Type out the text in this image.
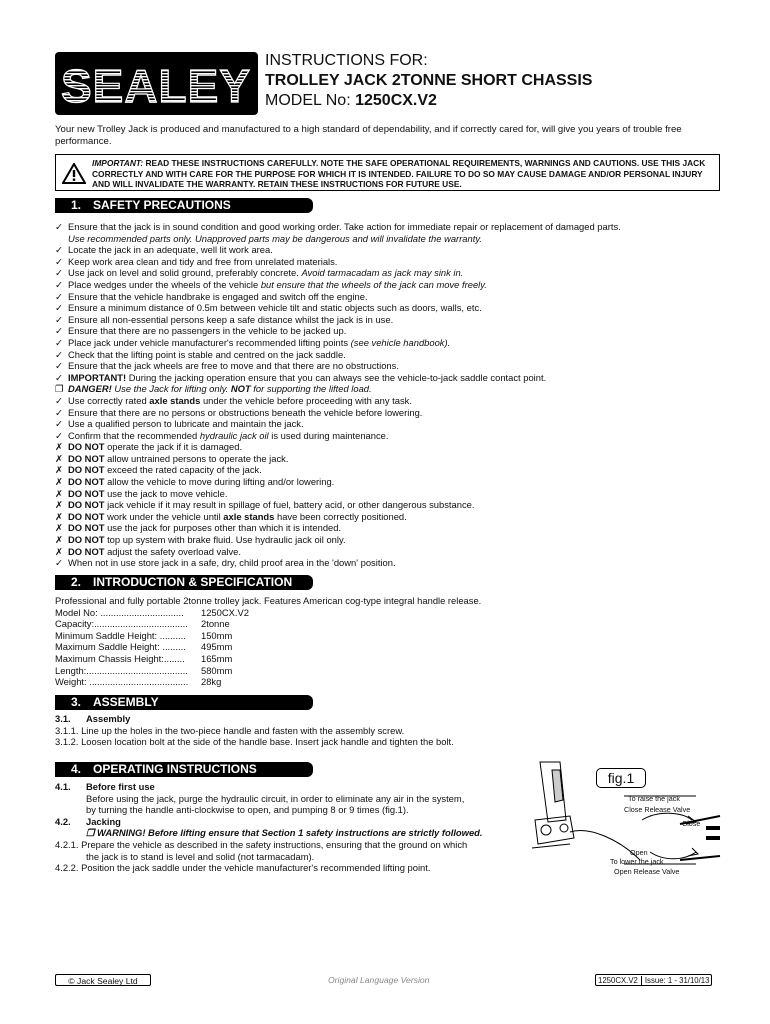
SEALEY INSTRUCTIONS FOR:
TROLLEY JACK 2TONNE SHORT CHASSIS
MODEL No: 1250CX.V2
Your new Trolley Jack is produced and manufactured to a high standard of dependability, and if correctly cared for, will give you years of trouble free performance.
IMPORTANT: READ THESE INSTRUCTIONS CAREFULLY. NOTE THE SAFE OPERATIONAL REQUIREMENTS, WARNINGS AND CAUTIONS. USE THIS JACK CORRECTLY AND WITH CARE FOR THE PURPOSE FOR WHICH IT IS INTENDED. FAILURE TO DO SO MAY CAUSE DAMAGE AND/OR PERSONAL INJURY AND WILL INVALIDATE THE WARRANTY. RETAIN THESE INSTRUCTIONS FOR FUTURE USE.
1. SAFETY PRECAUTIONS
✓ Ensure that the jack is in sound condition and good working order. Take action for immediate repair or replacement of damaged parts.
Use recommended parts only. Unapproved parts may be dangerous and will invalidate the warranty.
✓ Locate the jack in an adequate, well lit work area.
✓ Keep work area clean and tidy and free from unrelated materials.
✓ Use jack on level and solid ground, preferably concrete. Avoid tarmacadam as jack may sink in.
✓ Place wedges under the wheels of the vehicle but ensure that the wheels of the jack can move freely.
✓ Ensure that the vehicle handbrake is engaged and switch off the engine.
✓ Ensure a minimum distance of 0.5m between vehicle tilt and static objects such as doors, walls, etc.
✓ Ensure all non-essential persons keep a safe distance whilst the jack is in use.
✓ Ensure that there are no passengers in the vehicle to be jacked up.
✓ Place jack under vehicle manufacturer's recommended lifting points (see vehicle handbook).
✓ Check that the lifting point is stable and centred on the jack saddle.
✓ Ensure that the jack wheels are free to move and that there are no obstructions.
✓ IMPORTANT! During the jacking operation ensure that you can always see the vehicle-to-jack saddle contact point.
❐ DANGER! Use the Jack for lifting only. NOT for supporting the lifted load.
✓ Use correctly rated axle stands under the vehicle before proceeding with any task.
✓ Ensure that there are no persons or obstructions beneath the vehicle before lowering.
✓ Use a qualified person to lubricate and maintain the jack.
✓ Confirm that the recommended hydraulic jack oil is used during maintenance.
✗ DO NOT operate the jack if it is damaged.
✗ DO NOT allow untrained persons to operate the jack.
✗ DO NOT exceed the rated capacity of the jack.
✗ DO NOT allow the vehicle to move during lifting and/or lowering.
✗ DO NOT use the jack to move vehicle.
✗ DO NOT jack vehicle if it may result in spillage of fuel, battery acid, or other dangerous substance.
✗ DO NOT work under the vehicle until axle stands have been correctly positioned.
✗ DO NOT use the jack for purposes other than which it is intended.
✗ DO NOT top up system with brake fluid. Use hydraulic jack oil only.
✗ DO NOT adjust the safety overload valve.
✓ When not in use store jack in a safe, dry, child proof area in the 'down' position.
2. INTRODUCTION & SPECIFICATION
Professional and fully portable 2tonne trolley jack. Features American cog-type integral handle release.
Model No: ................................ 1250CX.V2
Capacity:.................................... 2tonne
Minimum Saddle Height: .......... 150mm
Maximum Saddle Height: ......... 495mm
Maximum Chassis Height:........ 165mm
Length:....................................... 580mm
Weight: ...................................... 28kg
3. ASSEMBLY
3.1. Assembly
3.1.1. Line up the holes in the two-piece handle and fasten with the assembly screw.
3.1.2. Loosen location bolt at the side of the handle base. Insert jack handle and tighten the bolt.
4. OPERATING INSTRUCTIONS
4.1. Before first use
Before using the jack, purge the hydraulic circuit, in order to eliminate any air in the system,
by turning the handle anti-clockwise to open, and pumping 8 or 9 times (fig.1).
4.2. Jacking
❐ WARNING! Before lifting ensure that Section 1 safety instructions are strictly followed.
4.2.1. Prepare the vehicle as described in the safety instructions, ensuring that the ground on which
the jack is to stand is level and solid (not tarmacadam).
4.2.2. Position the jack saddle under the vehicle manufacturer's recommended lifting point.
fig.1
To raise the jack
Close Release Valve
Close
Open
To lower the jack
Open Release Valve
© Jack Sealey Ltd	Original Language Version	1250CX.V2 Issue: 1 - 31/10/13
